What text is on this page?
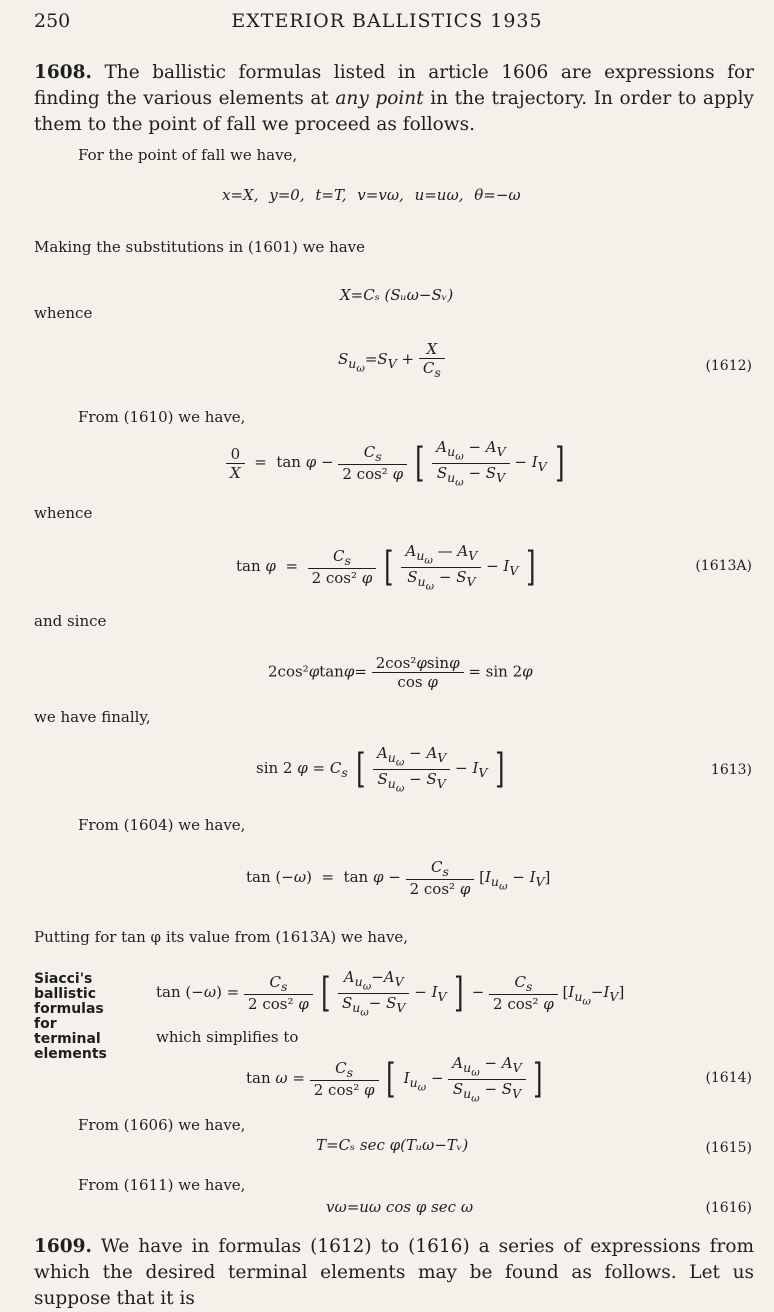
250	EXTERIOR BALLISTICS 1935
1608. The ballistic formulas listed in article 1606 are expressions for finding the various elements at any point in the trajectory. In order to apply them to the point of fall we proceed as follows.
For the point of fall we have,
x=X, y=0, t=T, v=vω, u=uω, θ=−ω
Making the substitutions in (1601) we have
X=Cₛ (Sᵤω−Sᵥ)
whence
$S_{u_\omega}=S_V + \frac{X}{C_s}$	(1612)
From (1610) we have,
$\frac{0}{X} = \tan \varphi - \frac{C_s}{\text{2 cos² φ}}$ [ $\frac{A_{u_\omega} - A_V}{S_{u_\omega} - S_V} - I_V$ ]
whence
$\tan \varphi = \frac{C_s}{\text{2 cos² φ}}$ [ $\frac{A_{u_\omega} — A_V}{S_{u_\omega} - S_V} - I_V$ ]	(1613A)
and since
$2\cos^2\varphi\tan\varphi= \frac{\text{2cos²φsinφ}}{\text{cos φ}} = \sin 2\varphi$
we have finally,
sin 2 $\varphi = C_s$ [ $\frac{A_{u_\omega} - A_V}{S_{u_\omega} - S_V} - I_V$ ]	1613)
From (1604) we have,
$\tan (-\omega) = \tan \varphi - \frac{C_s}{\text{2 cos² φ}} [I_{u_\omega} - I_V]$
Putting for tan φ its value from (1613A) we have,
Siacci's ballistic formulas for terminal elements
$\tan (-\omega) = \frac{C_s}{\text{2 cos² φ}}$ [ $\frac{A_{u_\omega}-A_V}{S_{u_\omega}- S_V} - I_V$ ] − $\frac{C_s}{\text{2 cos² φ}} [I_{u_\omega}-I_V]$
which simplifies to
$\tan \omega = \frac{C_s}{\text{2 cos² φ}}$ [ $I_{u_\omega} - \frac{A_{u_\omega} - A_V}{S_{u_\omega} - S_V}$ ]	(1614)
From (1606) we have,
T=Cₛ sec φ(Tᵤω−Tᵥ)	(1615)
From (1611) we have,
vω=uω cos φ sec ω	(1616)
1609. We have in formulas (1612) to (1616) a series of expressions from which the desired terminal elements may be found as follows. Let us suppose that it is
